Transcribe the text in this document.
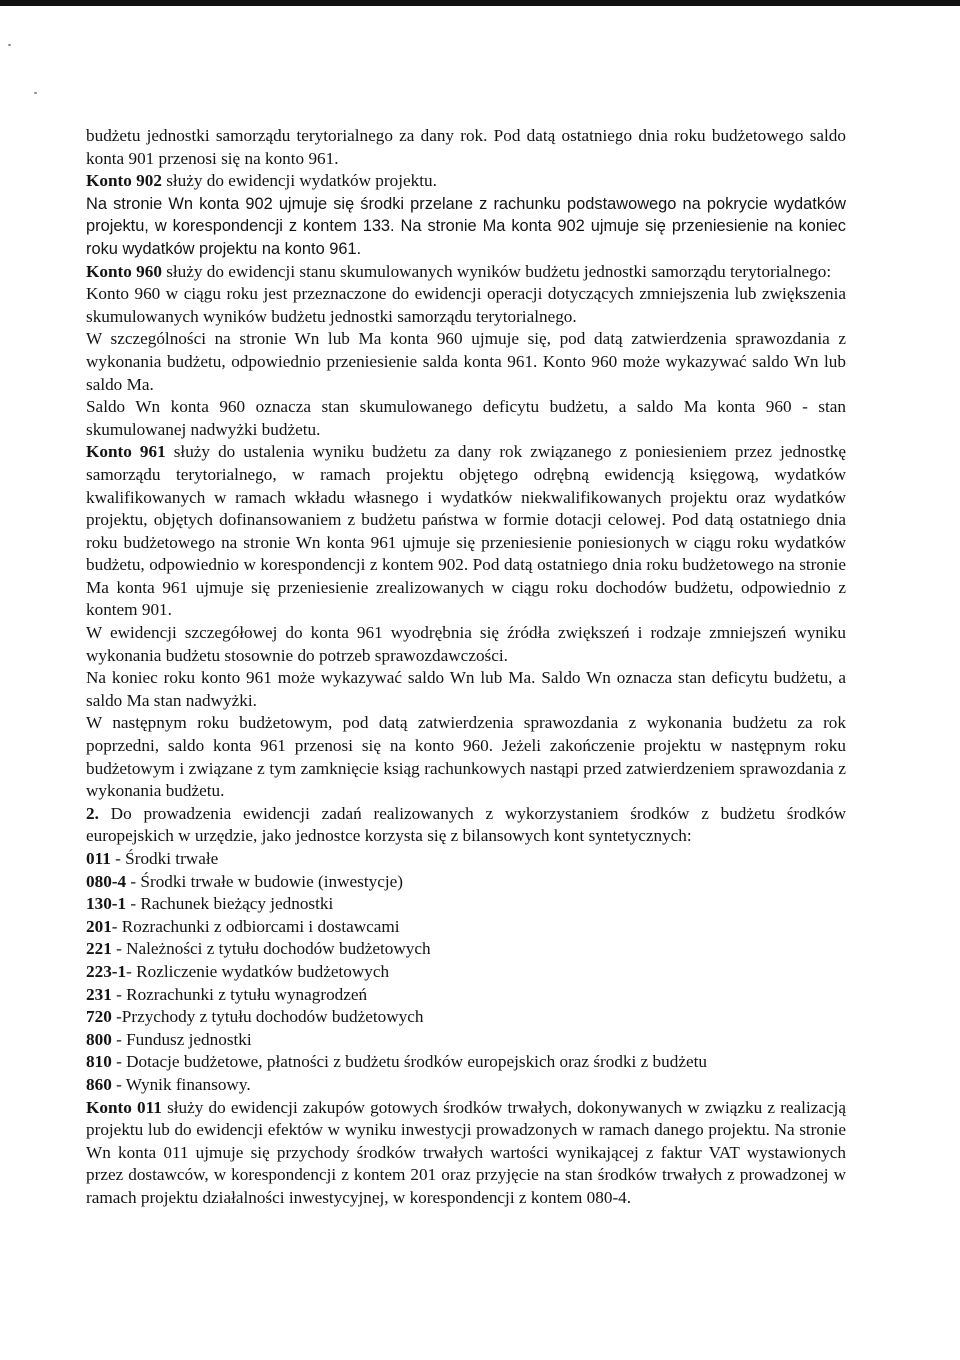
budżetu jednostki samorządu terytorialnego za dany rok. Pod datą ostatniego dnia roku budżetowego saldo konta 901 przenosi się na konto 961.

Konto 902 służy do ewidencji wydatków projektu.

Na stronie Wn konta 902 ujmuje się środki przelane z rachunku podstawowego na pokrycie wydatków projektu, w korespondencji z kontem 133. Na stronie Ma konta 902 ujmuje się przeniesienie na koniec roku wydatków projektu na konto 961.

Konto 960 służy do ewidencji stanu skumulowanych wyników budżetu jednostki samorządu terytorialnego:

Konto 960 w ciągu roku jest przeznaczone do ewidencji operacji dotyczących zmniejszenia lub zwiększenia skumulowanych wyników budżetu jednostki samorządu terytorialnego.

W szczególności na stronie Wn lub Ma konta 960 ujmuje się, pod datą zatwierdzenia sprawozdania z wykonania budżetu, odpowiednio przeniesienie salda konta 961. Konto 960 może wykazywać saldo Wn lub saldo Ma.

Saldo Wn konta 960 oznacza stan skumulowanego deficytu budżetu, a saldo Ma konta 960 - stan skumulowanej nadwyżki budżetu.

Konto 961 służy do ustalenia wyniku budżetu za dany rok związanego z poniesieniem przez jednostkę samorządu terytorialnego, w ramach projektu objętego odrębną ewidencją księgową, wydatków kwalifikowanych w ramach wkładu własnego i wydatków niekwalifikowanych projektu oraz wydatków projektu, objętych dofinansowaniem z budżetu państwa w formie dotacji celowej. Pod datą ostatniego dnia roku budżetowego na stronie Wn konta 961 ujmuje się przeniesienie poniesionych w ciągu roku wydatków budżetu, odpowiednio w korespondencji z kontem 902. Pod datą ostatniego dnia roku budżetowego na stronie Ma konta 961 ujmuje się przeniesienie zrealizowanych w ciągu roku dochodów budżetu, odpowiednio z kontem 901.

W ewidencji szczegółowej do konta 961 wyodrębnia się źródła zwiększeń i rodzaje zmniejszeń wyniku wykonania budżetu stosownie do potrzeb sprawozdawczości.

Na koniec roku konto 961 może wykazywać saldo Wn lub Ma. Saldo Wn oznacza stan deficytu budżetu, a saldo Ma stan nadwyżki.

W następnym roku budżetowym, pod datą zatwierdzenia sprawozdania z wykonania budżetu za rok poprzedni, saldo konta 961 przenosi się na konto 960. Jeżeli zakończenie projektu w następnym roku budżetowym i związane z tym zamknięcie ksiąg rachunkowych nastąpi przed zatwierdzeniem sprawozdania z wykonania budżetu.

2. Do prowadzenia ewidencji zadań realizowanych z wykorzystaniem środków z budżetu środków europejskich w urzędzie, jako jednostce korzysta się z bilansowych kont syntetycznych:

011 - Środki trwałe

080-4 - Środki trwałe w budowie (inwestycje)

130-1 - Rachunek bieżący jednostki

201- Rozrachunki z odbiorcami i dostawcami

221 - Należności z tytułu dochodów budżetowych

223-1- Rozliczenie wydatków budżetowych

231 - Rozrachunki z tytułu wynagrodzeń

720 -Przychody z tytułu dochodów budżetowych

800 - Fundusz jednostki

810 - Dotacje budżetowe, płatności z budżetu środków europejskich oraz środki z budżetu

860 - Wynik finansowy.

Konto 011 służy do ewidencji zakupów gotowych środków trwałych, dokonywanych w związku z realizacją projektu lub do ewidencji efektów w wyniku inwestycji prowadzonych w ramach danego projektu. Na stronie Wn konta 011 ujmuje się przychody środków trwałych wartości wynikającej z faktur VAT wystawionych przez dostawców, w korespondencji z kontem 201 oraz przyjęcie na stan środków trwałych z prowadzonej w ramach projektu działalności inwestycyjnej, w korespondencji z kontem 080-4.
